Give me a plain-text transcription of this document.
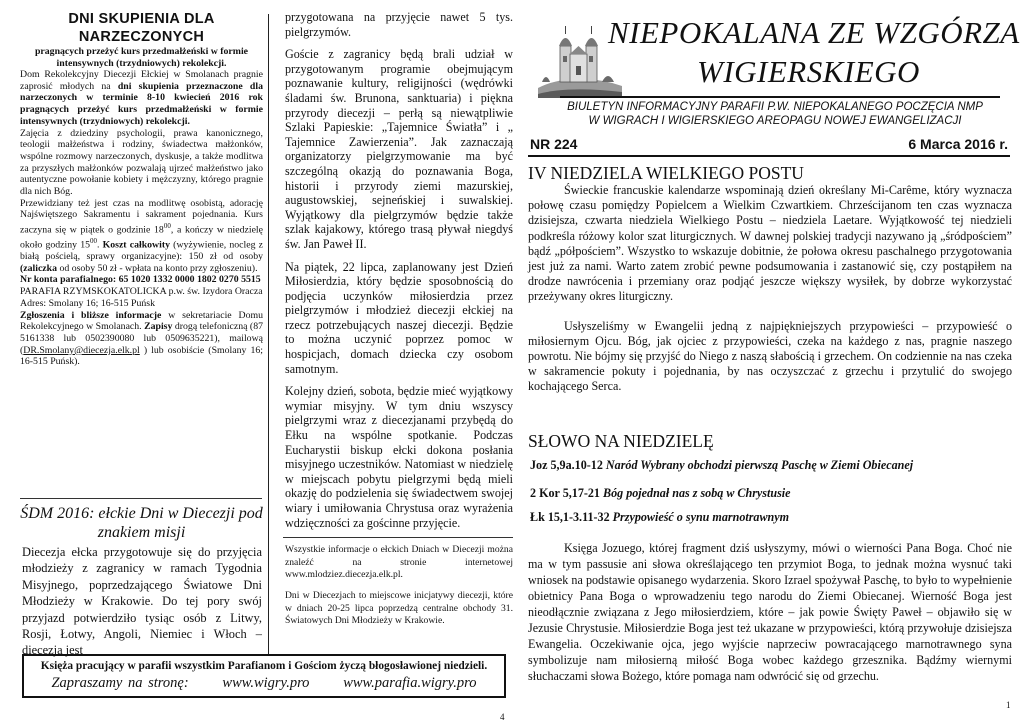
DNI SKUPIENIA DLA NARZECZONYCH
pragnących przeżyć kurs przedmałżeński w formie intensywnych (trzydniowych) rekolekcji.

Dom Rekolekcyjny Diecezji Ełckiej w Smolanach pragnie zaprosić młodych na dni skupienia przeznaczone dla narzeczonych w terminie 8-10 kwiecień 2016 rok pragnących przeżyć kurs przedmałżeński w formie intensywnych (trzydniowych) rekolekcji.

Zajęcia z dziedziny psychologii, prawa kanonicznego, teologii małżeństwa i rodziny, świadectwa małżonków, wspólne rozmowy narzeczonych, dyskusje, a także modlitwa za przyszłych małżonków pozwalają ujrzeć małżeństwo jako autentyczne powołanie kobiety i mężczyzny, którego pragnie dla nich Bóg.

Przewidziany też jest czas na modlitwę osobistą, adorację Najświętszego Sakramentu i sakrament pojednania. Kurs zaczyna się w piątek o godzinie $18^{00}$, a kończy w niedzielę około godziny $15^{00}$. Koszt całkowity (wyżywienie, nocleg z białą pościelą, sprawy organizacyjne): 150 zł od osoby (zaliczka od osoby 50 zł - wpłata na konto przy zgłoszeniu).

Nr konta parafialnego: 65 1020 1332 0000 1802 0270 5515

PARAFIA RZYMSKOKATOLICKA p.w. św. Izydora Oracza

Adres: Smolany 16; 16-515 Puńsk

Zgłoszenia i bliższe informacje w sekretariacie Domu Rekolekcyjnego w Smolanach. Zapisy drogą telefoniczną (87 5161338 lub 0502390080 lub 0509635221), mailową (DR.Smolany@diecezja.elk.pl ) lub osobiście (Smolany 16; 16-515 Puńsk).

ŚDM 2016: ełckie Dni w Diecezji pod znakiem misji
Diecezja ełcka przygotowuje się do przyjęcia młodzieży z zagranicy w ramach Tygodnia Misyjnego, poprzedzającego Światowe Dni Młodzieży w Krakowie. Do tej pory swój przyjazd potwierdziło tysiąc osób z Litwy, Rosji, Łotwy, Angoli, Niemiec i Włoch – diecezja jest

przygotowana na przyjęcie nawet 5 tys. pielgrzymów.

Goście z zagranicy będą brali udział w przygotowanym programie obejmującym poznawanie kultury, religijności (wędrówki śladami św. Brunona, sanktuaria) i piękna przyrody diecezji – perłą są niewątpliwie Szlaki Papieskie: „Tajemnice Światła” i „ Tajemnice Zawierzenia”. Jak zaznaczają organizatorzy pielgrzymowanie ma być szczególną okazją do poznawania Boga, historii i przyrody ziemi mazurskiej, augustowskiej, sejneńskiej i suwalskiej. Wyjątkowy dla pielgrzymów będzie także szlak kajakowy, którego trasą pływał niegdyś św. Jan Paweł II.

Na piątek, 22 lipca, zaplanowany jest Dzień Miłosierdzia, który będzie sposobnością do podjęcia uczynków miłosierdzia przez pielgrzymów i młodzież diecezji ełckiej na rzecz potrzebujących naszej diecezji. Będzie to można uczynić poprzez pomoc w hospicjach, domach dziecka czy osobom samotnym.

Kolejny dzień, sobota, będzie mieć wyjątkowy wymiar misyjny. W tym dniu wszyscy pielgrzymi wraz z diecezjanami przybędą do Ełku na wspólne spotkanie. Podczas Eucharystii biskup ełcki dokona posłania misyjnego uczestników. Natomiast w niedzielę w miejscach pobytu pielgrzymi będą mieli okazję do podzielenia się świadectwem swojej wiary i umiłowania Chrystusa oraz wyrażenia wdzięczności za gościnne przyjęcie.

Wszystkie informacje o ełckich Dniach w Diecezji można znaleźć na stronie internetowej www.mlodziez.diecezja.elk.pl.

Dni w Diecezjach to miejscowe inicjatywy diecezji, które w dniach 20-25 lipca poprzedzą centralne obchody 31. Światowych Dni Młodzieży w Krakowie.

Księża pracujący w parafii wszystkim Parafianom i Gościom życzą błogosławionej niedzieli.
Zapraszamy na stronę: www.wigry.pro www.parafia.wigry.pro
NIEPOKALANA ZE WZGÓRZA
WIGIERSKIEGO
BIULETYN INFORMACYJNY PARAFII P.W. NIEPOKALANEGO POCZĘCIA NMP
W WIGRACH I WIGIERSKIEGO AREOPAGU NOWEJ EWANGELIZACJI
NR 224	6 Marca 2016 r.
IV NIEDZIELA WIELKIEGO POSTU

Świeckie francuskie kalendarze wspominają dzień określany Mi-Carême, który wyznacza połowę czasu pomiędzy Popielcem a Wielkim Czwartkiem. Chrześcijanom ten czas wyznacza dzisiejsza, czwarta niedziela Wielkiego Postu – niedziela Laetare. Wyjątkowość tej niedzieli podkreśla różowy kolor szat liturgicznych. W dawnej polskiej tradycji nazywano ją „śródpościem” bądź „półpościem”. Wszystko to wskazuje dobitnie, że połowa okresu paschalnego przygotowania jest już za nami. Warto zatem zrobić pewne podsumowania i zastanowić się, czy postąpiłem na drodze nawrócenia i przemiany oraz podjąć jeszcze większy wysiłek, by dobrze wykorzystać przeżywany okres liturgiczny.

Usłyszeliśmy w Ewangelii jedną z najpiękniejszych przypowieści – przypowieść o miłosiernym Ojcu. Bóg, jak ojciec z przypowieści, czeka na każdego z nas, pragnie naszego powrotu. Nie bójmy się przyjść do Niego z naszą słabością i grzechem. On codziennie na nas czeka w sakramencie pokuty i pojednania, by nas oczyszczać z grzechu i przytulić do swojego kochającego Serca.

SŁOWO NA NIEDZIELĘ
Joz 5,9a.10-12 Naród Wybrany obchodzi pierwszą Paschę w Ziemi Obiecanej
2 Kor 5,17-21 Bóg pojednał nas z sobą w Chrystusie
Łk 15,1-3.11-32 Przypowieść o synu marnotrawnym
Księga Jozuego, której fragment dziś usłyszymy, mówi o wierności Pana Boga. Choć nie ma w tym passusie ani słowa określającego ten przymiot Boga, to jednak można wysnuć taki wniosek na podstawie opisanego wydarzenia. Skoro Izrael spożywał Paschę, to było to wypełnienie obietnicy Pana Boga o wprowadzeniu tego narodu do Ziemi Obiecanej. Wierność Boga jest nieodłącznie związana z Jego miłosierdziem, które – jak powie Święty Paweł – objawiło się w Jezusie Chrystusie. Miłosierdzie Boga jest też ukazane w przypowieści, którą przywołuje dzisiejsza Ewangelia. Oczekiwanie ojca, jego wyjście naprzeciw powracającego marnotrawnego syna symbolizuje nam miłosierną miłość Boga wobec każdego grzesznika. Bądźmy wiernymi słuchaczami słowa Bożego, które pomaga nam odwrócić się od grzechu.
4
1
